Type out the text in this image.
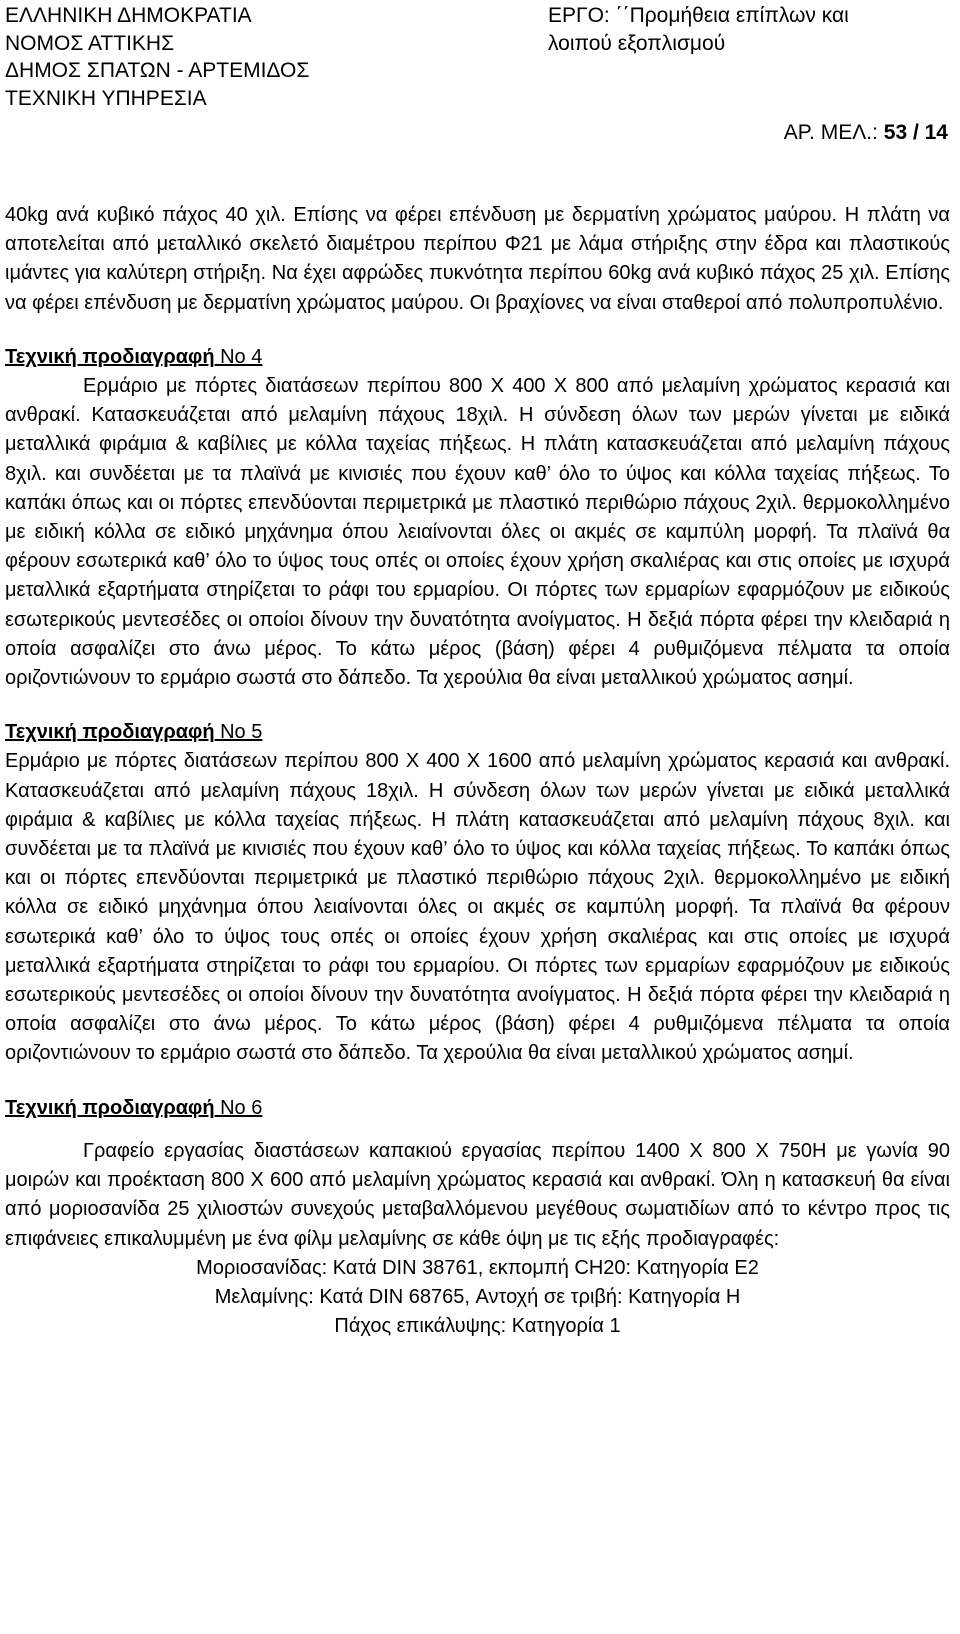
ΕΛΛΗΝΙΚΗ ΔΗΜΟΚΡΑΤΙΑ
ΝΟΜΟΣ ΑΤΤΙΚΗΣ
ΔΗΜΟΣ ΣΠΑΤΩΝ - ΑΡΤΕΜΙΔΟΣ
ΤΕΧΝΙΚΗ ΥΠΗΡΕΣΙΑ
ΕΡΓΟ: ΄΄Προμήθεια επίπλων και
λοιπού εξοπλισμού
ΑΡ. ΜΕΛ.: 53 / 14

40kg ανά κυβικό πάχος 40 χιλ. Επίσης να φέρει επένδυση με δερματίνη χρώματος μαύρου. Η πλάτη να αποτελείται από μεταλλικό σκελετό διαμέτρου περίπου Φ21 με λάμα στήριξης στην έδρα και πλαστικούς ιμάντες για καλύτερη στήριξη. Να έχει αφρώδες πυκνότητα περίπου 60kg ανά κυβικό πάχος 25 χιλ. Επίσης να φέρει επένδυση με δερματίνη χρώματος μαύρου. Οι βραχίονες να είναι σταθεροί από πολυπροπυλένιο.

Τεχνική προδιαγραφή Νο 4

Ερμάριο με πόρτες διατάσεων περίπου 800 Χ 400 Χ 800 από μελαμίνη χρώματος κερασιά και ανθρακί. Κατασκευάζεται από μελαμίνη πάχους 18χιλ. Η σύνδεση όλων των μερών γίνεται με ειδικά μεταλλικά φιράμια & καβίλιες με κόλλα ταχείας πήξεως. Η πλάτη κατασκευάζεται από μελαμίνη πάχους 8χιλ. και συνδέεται με τα πλαϊνά με κινισιές που έχουν καθ’ όλο το ύψος και κόλλα ταχείας πήξεως. Το καπάκι όπως και οι πόρτες επενδύονται περιμετρικά με πλαστικό περιθώριο πάχους 2χιλ. θερμοκολλημένο με ειδική κόλλα σε ειδικό μηχάνημα όπου λειαίνονται όλες οι ακμές σε καμπύλη μορφή. Τα πλαϊνά θα φέρουν εσωτερικά καθ’ όλο το ύψος τους οπές οι οποίες έχουν χρήση σκαλιέρας και στις οποίες με ισχυρά μεταλλικά εξαρτήματα στηρίζεται το ράφι του ερμαρίου. Οι πόρτες των ερμαρίων εφαρμόζουν με ειδικούς εσωτερικούς μεντεσέδες οι οποίοι δίνουν την δυνατότητα ανοίγματος. Η δεξιά πόρτα φέρει την κλειδαριά η οποία ασφαλίζει στο άνω μέρος. Το κάτω μέρος (βάση) φέρει 4 ρυθμιζόμενα πέλματα τα οποία οριζοντιώνουν το ερμάριο σωστά στο δάπεδο. Τα χερούλια θα είναι μεταλλικού χρώματος ασημί.

Τεχνική προδιαγραφή Νο 5

Ερμάριο με πόρτες διατάσεων περίπου 800 Χ 400 Χ 1600 από μελαμίνη χρώματος κερασιά και ανθρακί. Κατασκευάζεται από μελαμίνη πάχους 18χιλ. Η σύνδεση όλων των μερών γίνεται με ειδικά μεταλλικά φιράμια & καβίλιες με κόλλα ταχείας πήξεως. Η πλάτη κατασκευάζεται από μελαμίνη πάχους 8χιλ. και συνδέεται με τα πλαϊνά με κινισιές που έχουν καθ’ όλο το ύψος και κόλλα ταχείας πήξεως. Το καπάκι όπως και οι πόρτες επενδύονται περιμετρικά με πλαστικό περιθώριο πάχους 2χιλ. θερμοκολλημένο με ειδική κόλλα σε ειδικό μηχάνημα όπου λειαίνονται όλες οι ακμές σε καμπύλη μορφή. Τα πλαϊνά θα φέρουν εσωτερικά καθ’ όλο το ύψος τους οπές οι οποίες έχουν χρήση σκαλιέρας και στις οποίες με ισχυρά μεταλλικά εξαρτήματα στηρίζεται το ράφι του ερμαρίου. Οι πόρτες των ερμαρίων εφαρμόζουν με ειδικούς εσωτερικούς μεντεσέδες οι οποίοι δίνουν την δυνατότητα ανοίγματος. Η δεξιά πόρτα φέρει την κλειδαριά η οποία ασφαλίζει στο άνω μέρος. Το κάτω μέρος (βάση) φέρει 4 ρυθμιζόμενα πέλματα τα οποία οριζοντιώνουν το ερμάριο σωστά στο δάπεδο. Τα χερούλια θα είναι μεταλλικού χρώματος ασημί.

Τεχνική προδιαγραφή Νο 6

Γραφείο εργασίας διαστάσεων καπακιού εργασίας περίπου 1400 Χ 800 Χ 750Η με γωνία 90 μοιρών και προέκταση 800 Χ 600 από μελαμίνη χρώματος κερασιά και ανθρακί. Όλη η κατασκευή θα είναι από μοριοσανίδα 25 χιλιοστών συνεχούς μεταβαλλόμενου μεγέθους σωματιδίων από το κέντρο προς τις επιφάνειες επικαλυμμένη με ένα φίλμ μελαμίνης σε κάθε όψη με τις εξής προδιαγραφές:

Μοριοσανίδας: Κατά DIN 38761, εκπομπή CH20: Κατηγορία Ε2

Μελαμίνης: Κατά DIN 68765, Αντοχή σε τριβή: Κατηγορία Η

Πάχος επικάλυψης: Κατηγορία 1
